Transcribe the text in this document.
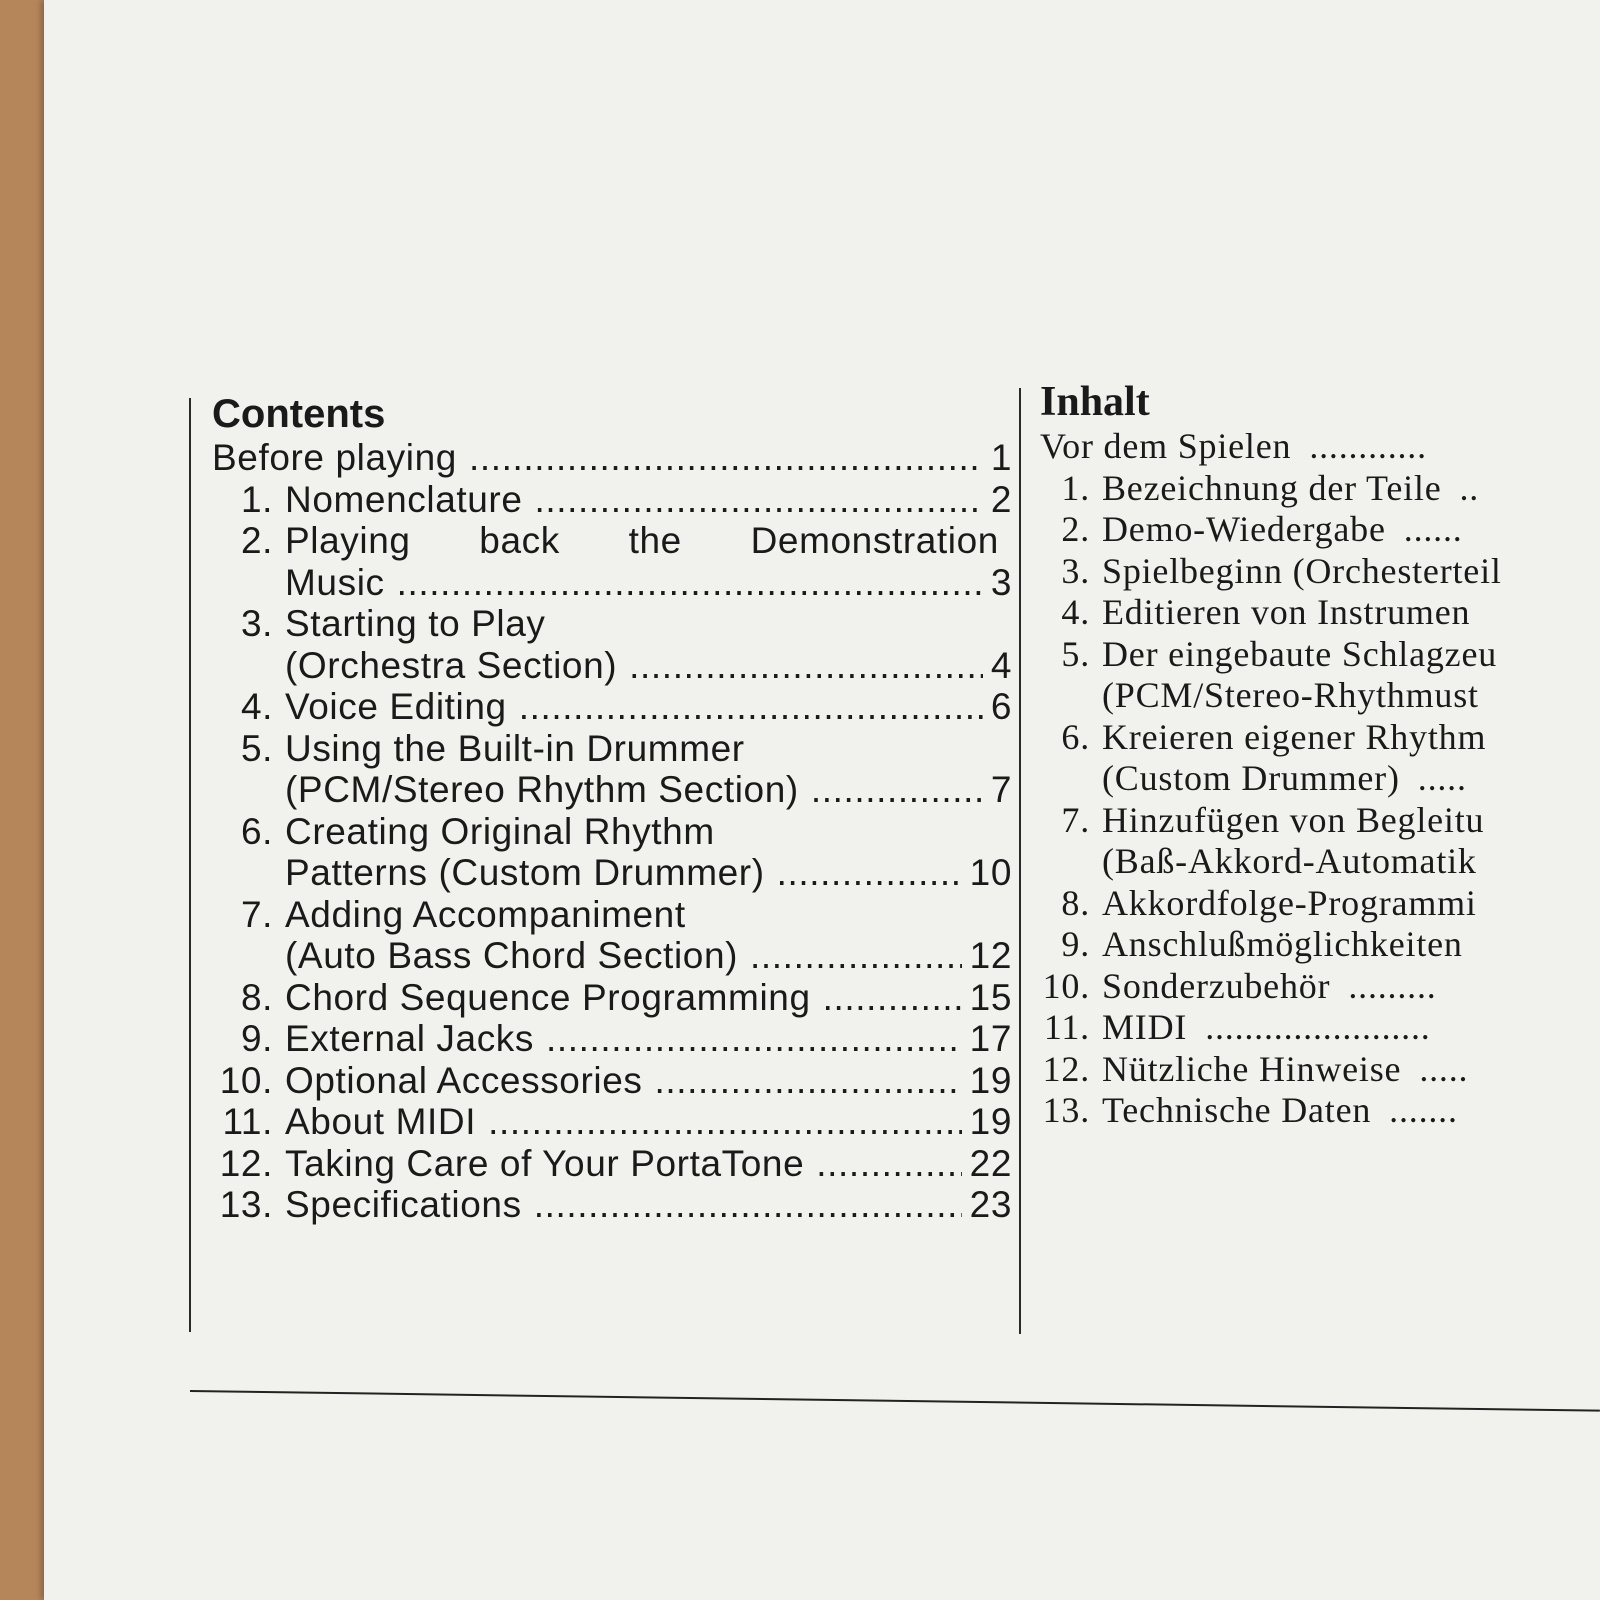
Contents
Before playing .....	1
1. Nomenclature .....	2
2. Playing back the Demonstration
Music .....	3
3. Starting to Play
(Orchestra Section) .....	4
4. Voice Editing .....	6
5. Using the Built-in Drummer
(PCM/Stereo Rhythm Section) .....	7
6. Creating Original Rhythm
Patterns (Custom Drummer) .....	10
7. Adding Accompaniment
(Auto Bass Chord Section) .....	12
8. Chord Sequence Programming .....	15
9. External Jacks .....	17
10. Optional Accessories .....	19
11. About MIDI .....	19
12. Taking Care of Your PortaTone .....	22
13. Specifications .....	23
Inhalt
Vor dem Spielen ............
1. Bezeichnung der Teile ..
2. Demo-Wiedergabe ......
3. Spielbeginn (Orchesterteil
4. Editieren von Instrumen
5. Der eingebaute Schlagzeu
(PCM/Stereo-Rhythmust
6. Kreieren eigener Rhythm
(Custom Drummer) .....
7. Hinzufügen von Begleitu
(Baß-Akkord-Automatik
8. Akkordfolge-Programmi
9. Anschlußmöglichkeiten
10. Sonderzubehör .........
11. MIDI .......................
12. Nützliche Hinweise .....
13. Technische Daten .......
